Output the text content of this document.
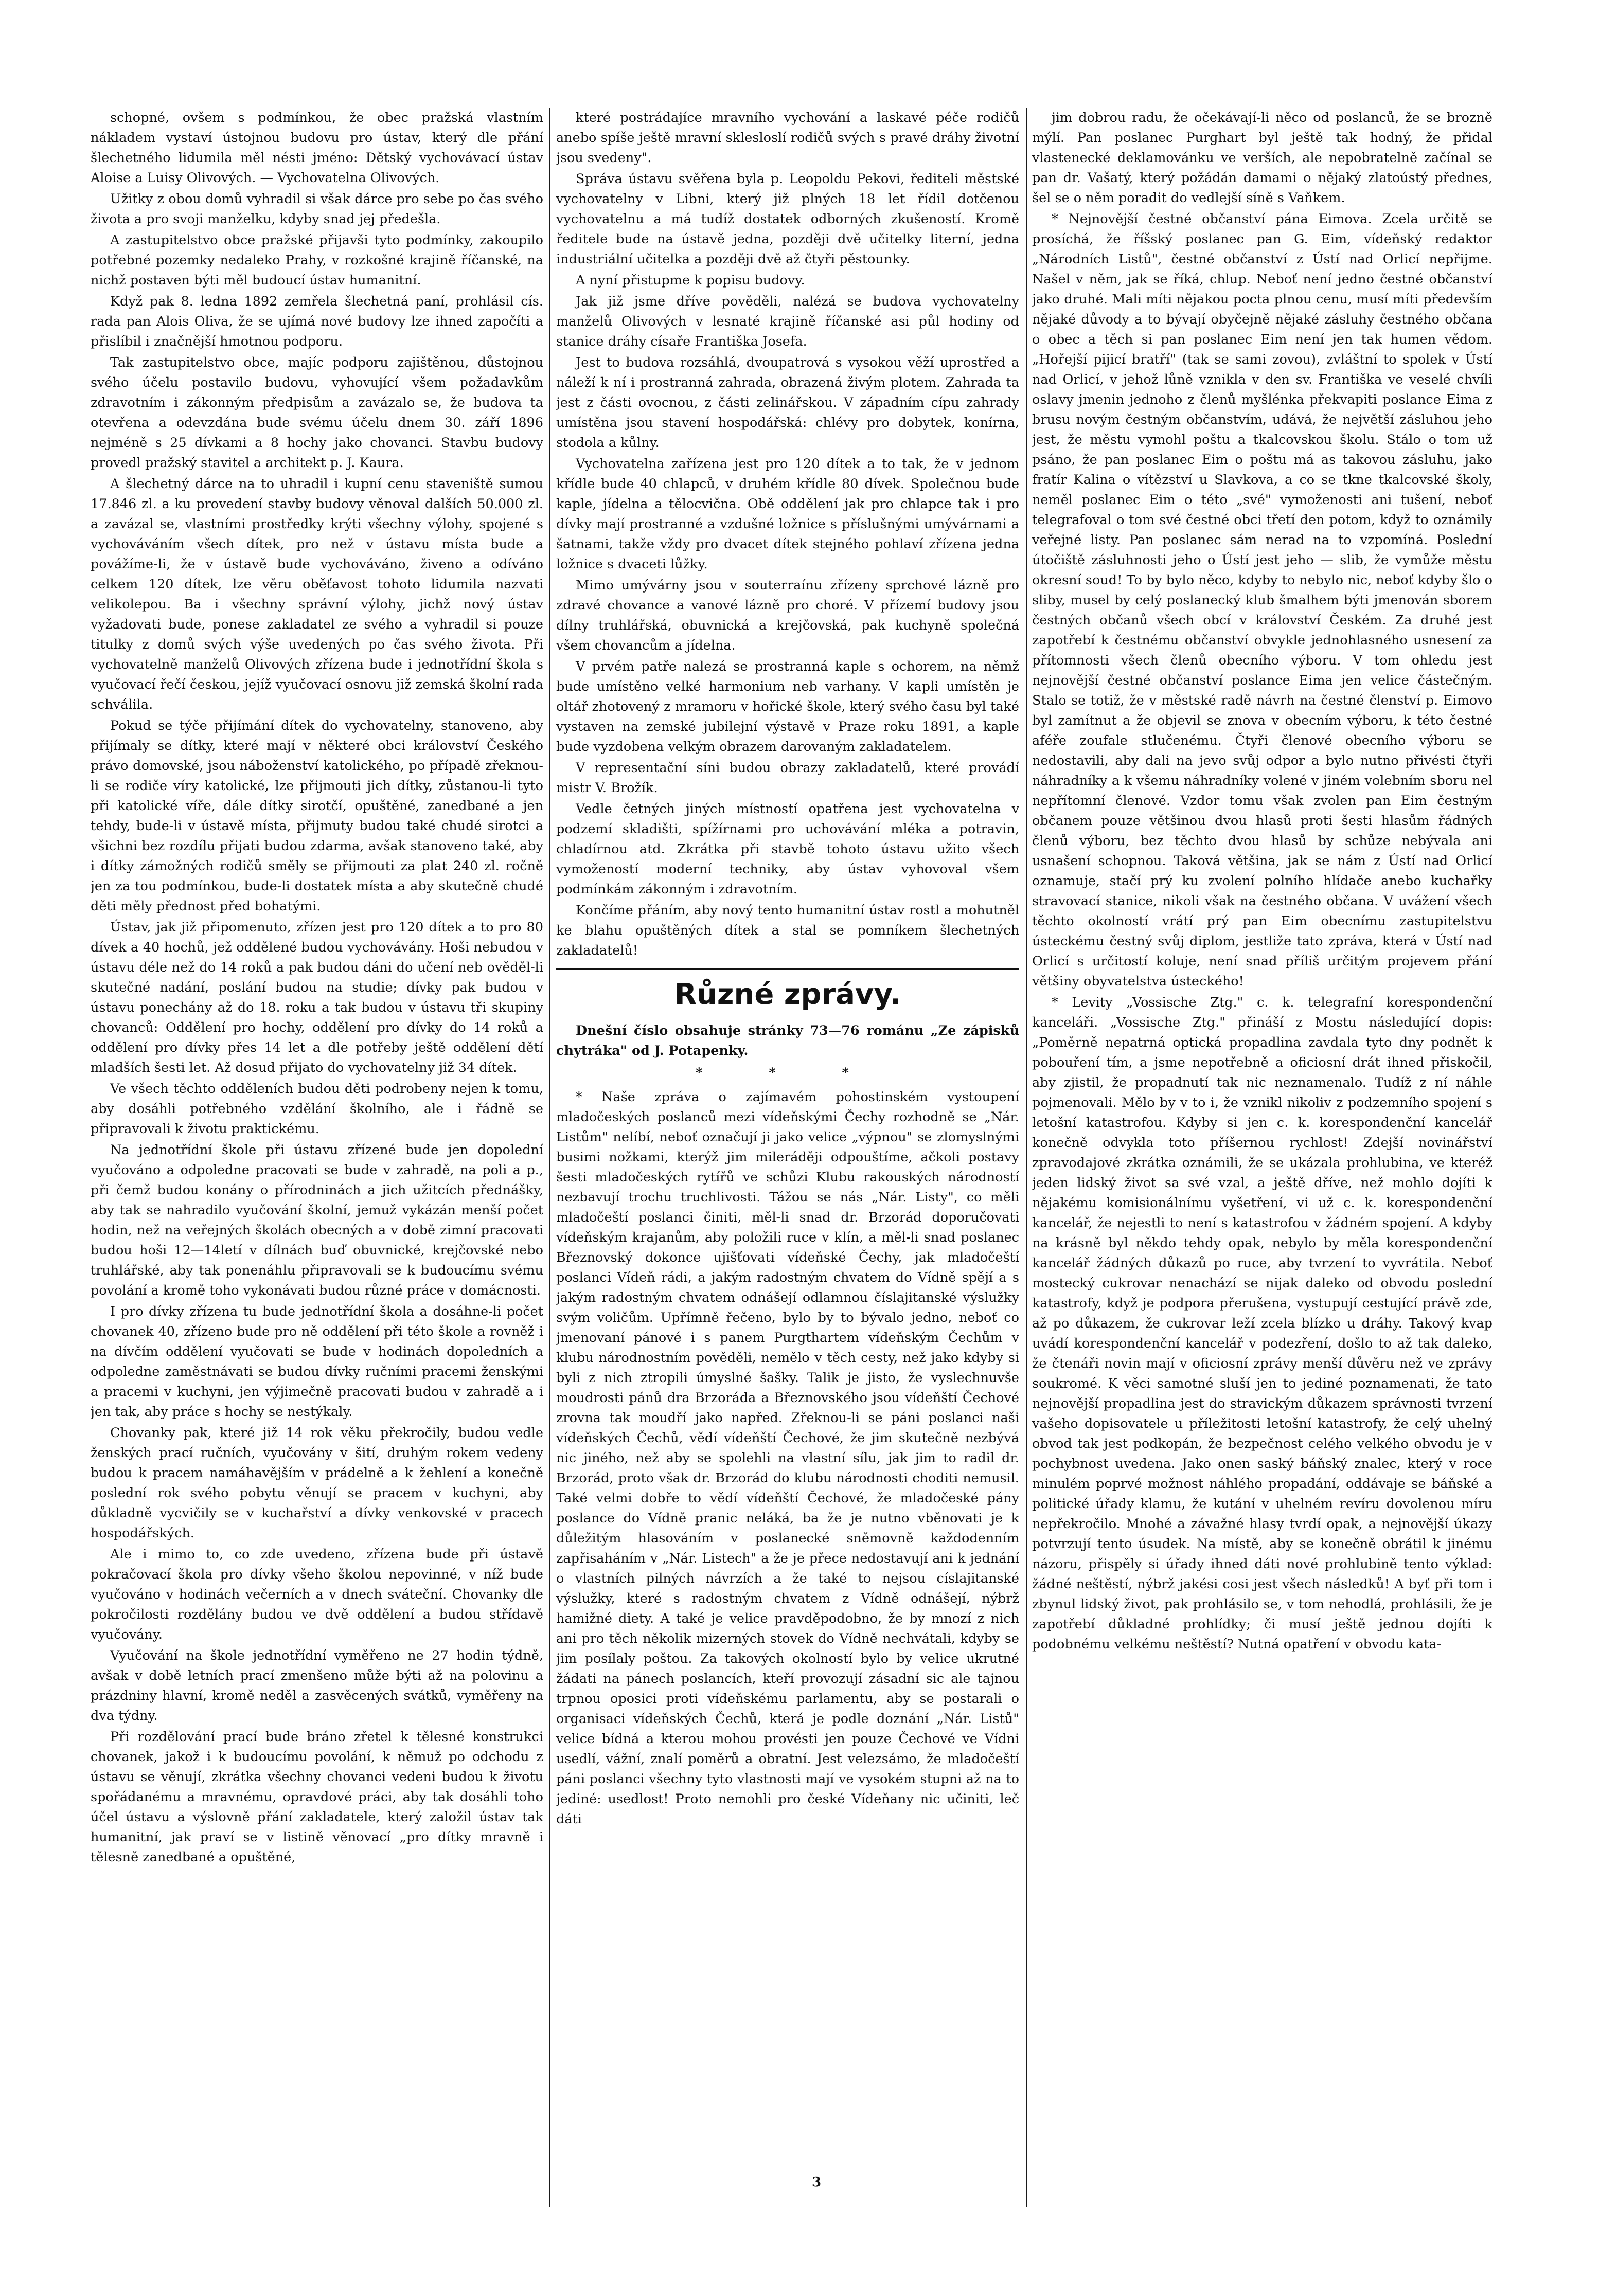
schopné, ovšem s podmínkou, že obec pražská vlastním nákladem vystaví ústojnou budovu pro ústav, který dle přání šlechetného lidumila měl nésti jméno: Dětský vychovávací ústav Aloise a Luisy Olivových. — Vychovatelna Olivových.

Užitky z obou domů vyhradil si však dárce pro sebe po čas svého života a pro svoji manželku, kdyby snad jej předešla.

A zastupitelstvo obce pražské přijavši tyto podmínky, zakoupilo potřebné pozemky nedaleko Prahy, v rozkošné krajině říčanské, na nichž postaven býti měl budoucí ústav humanitní.

Když pak 8. ledna 1892 zemřela šlechetná paní, prohlásil cís. rada pan Alois Oliva, že se ujímá nové budovy lze ihned započíti a přislíbil i značnější hmotnou podporu.

Tak zastupitelstvo obce, majíc podporu zajištěnou, důstojnou svého účelu postavilo budovu, vyhovující všem požadavkům zdravotním i zákonným předpisům a zavázalo se, že budova ta otevřena a odevzdána bude svému účelu dnem 30. září 1896 nejméně s 25 dívkami a 8 hochy jako chovanci. Stavbu budovy provedl pražský stavitel a architekt p. J. Kaura.

A šlechetný dárce na to uhradil i kupní cenu staveniště sumou 17.846 zl. a ku provedení stavby budovy věnoval dalších 50.000 zl. a zavázal se, vlastními prostředky krýti všechny výlohy, spojené s vychováváním všech dítek, pro než v ústavu místa bude a povážíme-li, že v ústavě bude vychováváno, živeno a odíváno celkem 120 dítek, lze věru oběťavost tohoto lidumila nazvati velikolepou. Ba i všechny správní výlohy, jichž nový ústav vyžadovati bude, ponese zakladatel ze svého a vyhradil si pouze titulky z domů svých výše uvedených po čas svého života. Při vychovatelně manželů Olivových zřízena bude i jednotřídní škola s vyučovací řečí českou, jejíž vyučovací osnovu již zemská školní rada schválila.

Pokud se týče přijímání dítek do vychovatelny, stanoveno, aby přijímaly se dítky, které mají v některé obci království Českého právo domovské, jsou náboženství katolického, po případě zřeknou-li se rodiče víry katolické, lze přijmouti jich dítky, zůstanou-li tyto při katolické víře, dále dítky sirotčí, opuštěné, zanedbané a jen tehdy, bude-li v ústavě místa, přijmuty budou také chudé sirotci a všichni bez rozdílu přijati budou zdarma, avšak stanoveno také, aby i dítky zámožných rodičů směly se přijmouti za plat 240 zl. ročně jen za tou podmínkou, bude-li dostatek místa a aby skutečně chudé děti měly přednost před bohatými.

Ústav, jak již připomenuto, zřízen jest pro 120 dítek a to pro 80 dívek a 40 hochů, jež oddělené budou vychovávány. Hoši nebudou v ústavu déle než do 14 roků a pak budou dáni do učení neb ověděl-li skutečné nadání, poslání budou na studie; dívky pak budou v ústavu ponechány až do 18. roku a tak budou v ústavu tři skupiny chovanců: Oddělení pro hochy, oddělení pro dívky do 14 roků a oddělení pro dívky přes 14 let a dle potřeby ještě oddělení dětí mladších šesti let. Až dosud přijato do vychovatelny již 34 dítek.

Ve všech těchto odděleních budou děti podrobeny nejen k tomu, aby dosáhli potřebného vzdělání školního, ale i řádně se připravovali k životu praktickému.

Na jednotřídní škole při ústavu zřízené bude jen dopolední vyučováno a odpoledne pracovati se bude v zahradě, na poli a p., při čemž budou konány o přírodninách a jich užitcích přednášky, aby tak se nahradilo vyučování školní, jemuž vykázán menší počet hodin, než na veřejných školách obecných a v době zimní pracovati budou hoši 12—14letí v dílnách buď obuvnické, krejčovské nebo truhlářské, aby tak ponenáhlu připravovali se k budoucímu svému povolání a kromě toho vykonávati budou různé práce v domácnosti.

I pro dívky zřízena tu bude jednotřídní škola a dosáhne-li počet chovanek 40, zřízeno bude pro ně oddělení při této škole a rovněž i na dívčím oddělení vyučovati se bude v hodinách dopoledních a odpoledne zaměstnávati se budou dívky ručními pracemi ženskými a pracemi v kuchyni, jen výjimečně pracovati budou v zahradě a i jen tak, aby práce s hochy se nestýkaly.

Chovanky pak, které již 14 rok věku překročily, budou vedle ženských prací ručních, vyučovány v šití, druhým rokem vedeny budou k pracem namáhavějším v prádelně a k žehlení a konečně poslední rok svého pobytu věnují se pracem v kuchyni, aby důkladně vycvičily se v kuchařství a dívky venkovské v pracech hospodářských.

Ale i mimo to, co zde uvedeno, zřízena bude při ústavě pokračovací škola pro dívky všeho školou nepovinné, v níž bude vyučováno v hodinách večerních a v dnech sváteční. Chovanky dle pokročilosti rozdělány budou ve dvě oddělení a budou střídavě vyučovány.

Vyučování na škole jednotřídní vyměřeno ne 27 hodin týdně, avšak v době letních prací zmenšeno může býti až na polovinu a prázdniny hlavní, kromě neděl a zasvěcených svátků, vyměřeny na dva týdny.

Při rozdělování prací bude bráno zřetel k tělesné konstrukci chovanek, jakož i k budoucímu povolání, k němuž po odchodu z ústavu se věnují, zkrátka všechny chovanci vedeni budou k životu spořádanému a mravnému, opravdové práci, aby tak dosáhli toho účel ústavu a výslovně přání zakladatele, který založil ústav tak humanitní, jak praví se v listině věnovací „pro dítky mravně i tělesně zanedbané a opuštěné,

které postrádajíce mravního vychování a laskavé péče rodičů anebo spíše ještě mravní sklesloslí rodičů svých s pravé dráhy životní jsou svedeny".

Správa ústavu svěřena byla p. Leopoldu Pekovi, řediteli městské vychovatelny v Libni, který již plných 18 let řídil dotčenou vychovatelnu a má tudíž dostatek odborných zkušeností. Kromě ředitele bude na ústavě jedna, později dvě učitelky literní, jedna industriální učitelka a později dvě až čtyři pěstounky.

A nyní přistupme k popisu budovy.

Jak již jsme dříve pověděli, nalézá se budova vychovatelny manželů Olivových v lesnaté krajině říčanské asi půl hodiny od stanice dráhy císaře Františka Josefa.

Jest to budova rozsáhlá, dvoupatrová s vysokou věží uprostřed a náleží k ní i prostranná zahrada, obrazená živým plotem. Zahrada ta jest z části ovocnou, z části zelinářskou. V západním cípu zahrady umístěna jsou stavení hospodářská: chlévy pro dobytek, konírna, stodola a kůlny.

Vychovatelna zařízena jest pro 120 dítek a to tak, že v jednom křídle bude 40 chlapců, v druhém křídle 80 dívek. Společnou bude kaple, jídelna a tělocvična. Obě oddělení jak pro chlapce tak i pro dívky mají prostranné a vzdušné ložnice s příslušnými umývárnami a šatnami, takže vždy pro dvacet dítek stejného pohlaví zřízena jedna ložnice s dvaceti lůžky.

Mimo umývárny jsou v souterraínu zřízeny sprchové lázně pro zdravé chovance a vanové lázně pro choré. V přízemí budovy jsou dílny truhlářská, obuvnická a krejčovská, pak kuchyně společná všem chovancům a jídelna.

V prvém patře nalezá se prostranná kaple s ochorem, na němž bude umístěno velké harmonium neb varhany. V kapli umístěn je oltář zhotovený z mramoru v hořické škole, který svého času byl také vystaven na zemské jubilejní výstavě v Praze roku 1891, a kaple bude vyzdobena velkým obrazem darovaným zakladatelem.

V representační síni budou obrazy zakladatelů, které provádí mistr V. Brožík.

Vedle četných jiných místností opatřena jest vychovatelna v podzemí skladišti, spížírnami pro uchovávání mléka a potravin, chladírnou atd. Zkrátka při stavbě tohoto ústavu užito všech vymožeností moderní techniky, aby ústav vyhovoval všem podmínkám zákonným i zdravotním.

Končíme přáním, aby nový tento humanitní ústav rostl a mohutněl ke blahu opuštěných dítek a stal se pomníkem šlechetných zakladatelů!

Různé zprávy.

Dnešní číslo obsahuje stránky 73—76 románu „Ze zápisků chytráka" od J. Potapenky.

* * *

* Naše zpráva o zajímavém pohostinském vystoupení mladočeských poslanců mezi vídeňskými Čechy rozhodně se „Nár. Listům" nelíbí, neboť označují ji jako velice „výpnou" se zlomyslnými busimi nožkami, kterýž jim mileráději odpouštíme, ačkoli postavy šesti mladočeských rytířů ve schůzi Klubu rakouských národností nezbavují trochu truchlivosti. Tážou se nás „Nár. Listy", co měli mladočeští poslanci činiti, měl-li snad dr. Brzorád doporučovati vídeňským krajanům, aby položili ruce v klín, a měl-li snad poslanec Březnovský dokonce ujišťovati vídeňské Čechy, jak mladočeští poslanci Vídeň rádi, a jakým radostným chvatem do Vídně spějí a s jakým radostným chvatem odnášejí odlamnou číslajitanské výslužky svým voličům. Upřímně řečeno, bylo by to bývalo jedno, neboť co jmenovaní pánové i s panem Purgthartem vídeňským Čechům v klubu národnostním pověděli, nemělo v těch cesty, než jako kdyby si byli z nich ztropili úmyslné šašky. Talik je jisto, že vyslechnuvše moudrosti pánů dra Brzoráda a Březnovského jsou vídeňští Čechové zrovna tak moudří jako napřed. Zřeknou-li se páni poslanci naši vídeňských Čechů, vědí vídeňští Čechové, že jim skutečně nezbývá nic jiného, než aby se spolehli na vlastní sílu, jak jim to radil dr. Brzorád, proto však dr. Brzorád do klubu národnosti choditi nemusil. Také velmi dobře to vědí vídeňští Čechové, že mladočeské pány poslance do Vídně pranic neláká, ba že je nutno vběnovati je k důležitým hlasováním v poslanecké sněmovně každodenním zapřisaháním v „Nár. Listech" a že je přece nedostavují ani k jednání o vlastních pilných návrzích a že také to nejsou císlajitanské výslužky, které s radostným chvatem z Vídně odnášejí, nýbrž hamižné diety. A také je velice pravděpodobno, že by mnozí z nich ani pro těch několik mizerných stovek do Vídně nechvátali, kdyby se jim posílaly poštou. Za takových okolností bylo by velice ukrutné žádati na pánech poslancích, kteří provozují zásadní sic ale tajnou trpnou oposici proti vídeňskému parlamentu, aby se postarali o organisaci vídeňských Čechů, která je podle doznání „Nár. Listů" velice bídná a kterou mohou provésti jen pouze Čechové ve Vídni usedlí, vážní, znalí poměrů a obratní. Jest velezsámo, že mladočeští páni poslanci všechny tyto vlastnosti mají ve vysokém stupni až na to jediné: usedlost! Proto nemohli pro české Vídeňany nic učiniti, leč dáti

jim dobrou radu, že očekávají-li něco od poslanců, že se brozně mýlí. Pan poslanec Purghart byl ještě tak hodný, že přidal vlastenecké deklamovánku ve verších, ale nepobratelně začínal se pan dr. Vašatý, který požádán damami o nějaký zlatoústý přednes, šel se o něm poradit do vedlejší síně s Vaňkem.

* Nejnovější čestné občanství pána Eimova. Zcela určitě se prosíchá, že říšský poslanec pan G. Eim, vídeňský redaktor „Národních Listů", čestné občanství z Ústí nad Orlicí nepřijme. Našel v něm, jak se říká, chlup. Neboť není jedno čestné občanství jako druhé. Mali míti nějakou pocta plnou cenu, musí míti především nějaké důvody a to bývají obyčejně nějaké zásluhy čestného občana o obec a těch si pan poslanec Eim není jen tak humen vědom. „Hořejší pijicí bratří" (tak se sami zovou), zvláštní to spolek v Ústí nad Orlicí, v jehož lůně vznikla v den sv. Františka ve veselé chvíli oslavy jmenin jednoho z členů myšlénka překvapiti poslance Eima z brusu novým čestným občanstvím, udává, že největší zásluhou jeho jest, že městu vymohl poštu a tkalcovskou školu. Stálo o tom už psáno, že pan poslanec Eim o poštu má as takovou zásluhu, jako fratír Kalina o vítězství u Slavkova, a co se tkne tkalcovské školy, neměl poslanec Eim o této „své" vymoženosti ani tušení, neboť telegrafoval o tom své čestné obci třetí den potom, když to oznámily veřejné listy. Pan poslanec sám nerad na to vzpomíná. Poslední útočiště zásluhnosti jeho o Ústí jest jeho — slib, že vymůže městu okresní soud! To by bylo něco, kdyby to nebylo nic, neboť kdyby šlo o sliby, musel by celý poslanecký klub šmalhem býti jmenován sborem čestných občanů všech obcí v království Českém. Za druhé jest zapotřebí k čestnému občanství obvykle jednohlasného usnesení za přítomnosti všech členů obecního výboru. V tom ohledu jest nejnovější čestné občanství poslance Eima jen velice částečným. Stalo se totiž, že v městské radě návrh na čestné členství p. Eimovo byl zamítnut a že objevil se znova v obecním výboru, k této čestné aféře zoufale stlučenému. Čtyři členové obecního výboru se nedostavili, aby dali na jevo svůj odpor a bylo nutno přivésti čtyři náhradníky a k všemu náhradníky volené v jiném volebním sboru nel nepřítomní členové. Vzdor tomu však zvolen pan Eim čestným občanem pouze většinou dvou hlasů proti šesti hlasům řádných členů výboru, bez těchto dvou hlasů by schůze nebývala ani usnašení schopnou. Taková většina, jak se nám z Ústí nad Orlicí oznamuje, stačí prý ku zvolení polního hlídače anebo kuchařky stravovací stanice, nikoli však na čestného občana. V uvážení všech těchto okolností vrátí prý pan Eim obecnímu zastupitelstvu ústeckému čestný svůj diplom, jestliže tato zpráva, která v Ústí nad Orlicí s určitostí koluje, není snad příliš určitým projevem přání většiny obyvatelstva ústeckého!

* Levity „Vossische Ztg." c. k. telegrafní korespondenční kanceláři. „Vossische Ztg." přináší z Mostu následující dopis: „Poměrně nepatrná optická propadlina zavdala tyto dny podnět k pobouření tím, a jsme nepotřebně a oficiosní drát ihned přiskočil, aby zjistil, že propadnutí tak nic neznamenalo. Tudíž z ní náhle pojmenovali. Mělo by v to i, že vznikl nikoliv z podzemního spojení s letošní katastrofou. Kdyby si jen c. k. korespondenční kancelář konečně odvykla toto příšernou rychlost! Zdejší novinářství zpravodajové zkrátka oznámili, že se ukázala prohlubina, ve kteréž jeden lidský život sa své vzal, a ještě dříve, než mohlo dojíti k nějakému komisionálnímu vyšetření, vi už c. k. korespondenční kancelář, že nejestli to není s katastrofou v žádném spojení. A kdyby na krásně byl někdo tehdy opak, nebylo by měla korespondenční kancelář žádných důkazů po ruce, aby tvrzení to vyvrátila. Neboť mostecký cukrovar nenachází se nijak daleko od obvodu poslední katastrofy, když je podpora přerušena, vystupují cestující právě zde, až po důkazem, že cukrovar leží zcela blízko u dráhy. Takový kvap uvádí korespondenční kancelář v podezření, došlo to až tak daleko, že čtenáři novin mají v oficiosní zprávy menší důvěru než ve zprávy soukromé. K věci samotné sluší jen to jediné poznamenati, že tato nejnovější propadlina jest do stravickým důkazem správnosti tvrzení vašeho dopisovatele u příležitosti letošní katastrofy, že celý uhelný obvod tak jest podkopán, že bezpečnost celého velkého obvodu je v pochybnost uvedena. Jako onen saský báňský znalec, který v roce minulém poprvé možnost náhlého propadání, oddávaje se báňské a politické úřady klamu, že kutání v uhelném revíru dovolenou míru nepřekročilo. Mnohé a závažné hlasy tvrdí opak, a nejnovější úkazy potvrzují tento úsudek. Na místě, aby se konečně obrátil k jinému názoru, přispěly si úřady ihned dáti nové prohlubině tento výklad: žádné neštěstí, nýbrž jakési cosi jest všech následků! A byť při tom i zbynul lidský život, pak prohlásilo se, v tom nehodlá, prohlásili, že je zapotřebí důkladné prohlídky; či musí ještě jednou dojíti k podobnému velkému neštěstí? Nutná opatření v obvodu kata-

3
